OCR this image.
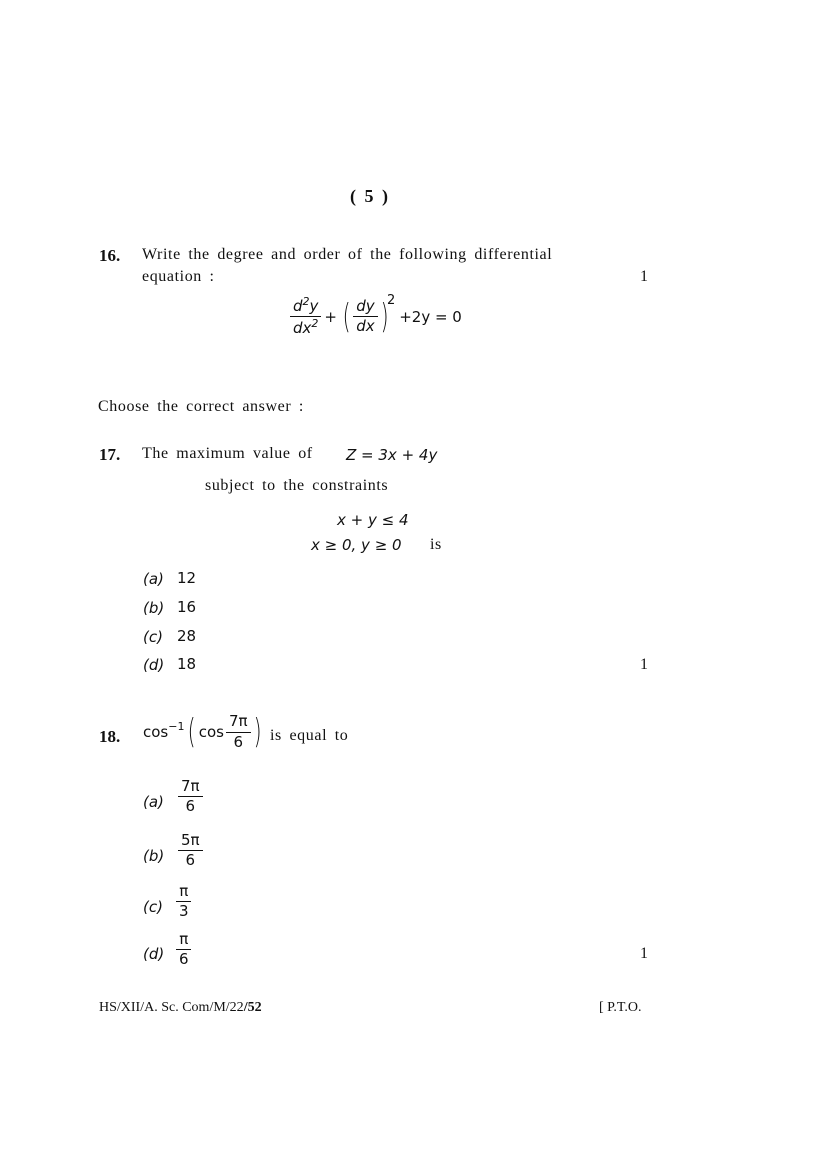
( 5 )
16. Write the degree and order of the following differential
equation :	1
$\frac{d^2y}{dx^2}$ + ( $\frac{dy}{dx}$ )
2
+2y = 0
Choose the correct answer :
17. The maximum value of Z = 3x + 4y
subject to the constraints
x + y ≤ 4
x ≥ 0, y ≥ 0 is
(a) 12
(b) 16
(c) 28
(d) 18	1
18. cos −1 ( $\cos \frac{7\pi}{6}$ ) is equal to
$(a) \frac{7\pi}{6}$
$(b) \frac{5\pi}{6}$
$(c) \frac{\pi}{3}$
$(d) \frac{\pi}{6}$	1
HS/XII/A. Sc. Com/M/22/52	[ P.T.O.
